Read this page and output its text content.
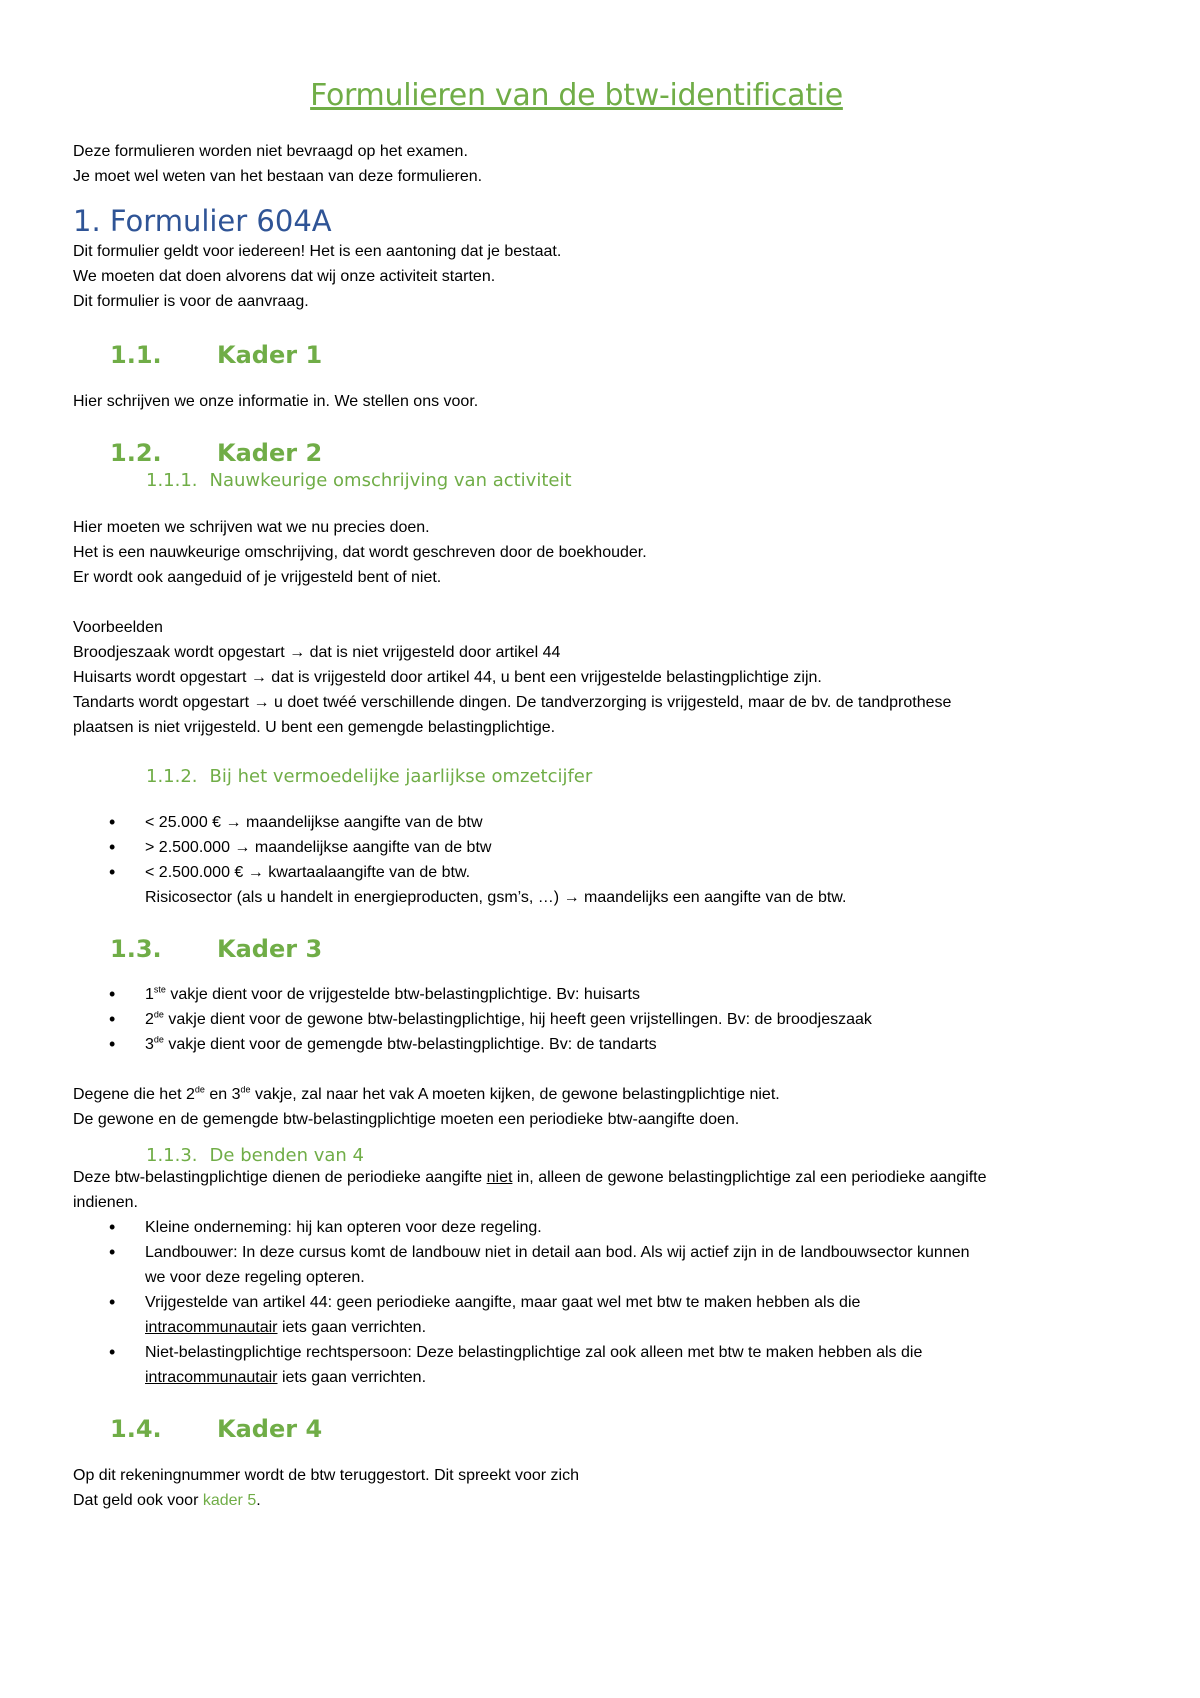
Formulieren van de btw-identificatie

Deze formulieren worden niet bevraagd op het examen.

Je moet wel weten van het bestaan van deze formulieren.

1. Formulier 604A

Dit formulier geldt voor iedereen! Het is een aantoning dat je bestaat.

We moeten dat doen alvorens dat wij onze activiteit starten.

Dit formulier is voor de aanvraag.

1.1.	Kader 1

Hier schrijven we onze informatie in. We stellen ons voor.

1.2.	Kader 2
1.1.1. Nauwkeurige omschrijving van activiteit

Hier moeten we schrijven wat we nu precies doen.

Het is een nauwkeurige omschrijving, dat wordt geschreven door de boekhouder.

Er wordt ook aangeduid of je vrijgesteld bent of niet.

Voorbeelden

Broodjeszaak wordt opgestart → dat is niet vrijgesteld door artikel 44

Huisarts wordt opgestart → dat is vrijgesteld door artikel 44, u bent een vrijgestelde belastingplichtige zijn.

Tandarts wordt opgestart → u doet twéé verschillende dingen. De tandverzorging is vrijgesteld, maar de bv. de tandprothese

plaatsen is niet vrijgesteld. U bent een gemengde belastingplichtige.

1.1.2. Bij het vermoedelijke jaarlijkse omzetcijfer
• < 25.000 € → maandelijkse aangifte van de btw
• > 2.500.000 → maandelijkse aangifte van de btw
• < 2.500.000 € → kwartaalaangifte van de btw.

Risicosector (als u handelt in energieproducten, gsm’s, …) → maandelijks een aangifte van de btw.

1.3.	Kader 3
• 1ste vakje dient voor de vrijgestelde btw-belastingplichtige. Bv: huisarts
• 2de vakje dient voor de gewone btw-belastingplichtige, hij heeft geen vrijstellingen. Bv: de broodjeszaak
• 3de vakje dient voor de gemengde btw-belastingplichtige. Bv: de tandarts

Degene die het 2de en 3de vakje, zal naar het vak A moeten kijken, de gewone belastingplichtige niet.

De gewone en de gemengde btw-belastingplichtige moeten een periodieke btw-aangifte doen.

1.1.3. De benden van 4

Deze btw-belastingplichtige dienen de periodieke aangifte niet in, alleen de gewone belastingplichtige zal een periodieke aangifte

indienen.

• Kleine onderneming: hij kan opteren voor deze regeling.
• Landbouwer: In deze cursus komt de landbouw niet in detail aan bod. Als wij actief zijn in de landbouwsector kunnen
we voor deze regeling opteren.
• Vrijgestelde van artikel 44: geen periodieke aangifte, maar gaat wel met btw te maken hebben als die
intracommunautair iets gaan verrichten.
• Niet-belastingplichtige rechtspersoon: Deze belastingplichtige zal ook alleen met btw te maken hebben als die
intracommunautair iets gaan verrichten.
1.4.	Kader 4

Op dit rekeningnummer wordt de btw teruggestort. Dit spreekt voor zich

Dat geld ook voor kader 5.
